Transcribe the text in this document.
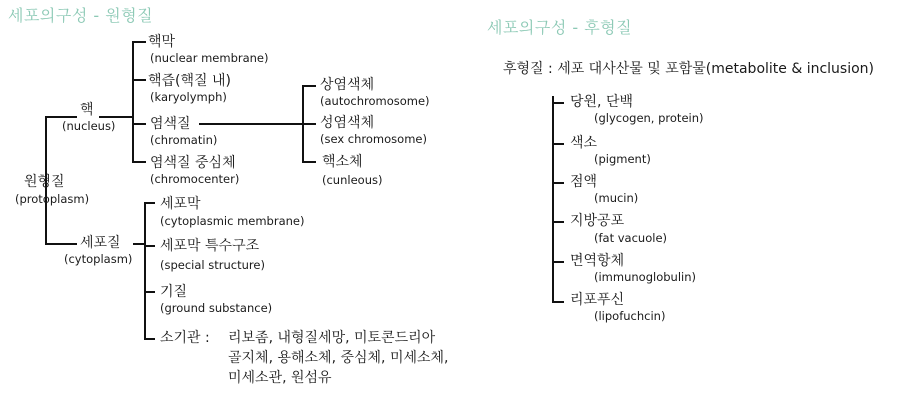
세포의구성 - 원형질
원형질
(protoplasm)
핵
(nucleus)
핵막
(nuclear membrane)
핵즙(핵질 내)
(karyolymph)
염색질
(chromatin)
염색질 중심체
(chromocenter)
상염색체
(autochromosome)
성염색체
(sex chromosome)
핵소체
(cunleous)
세포질
(cytoplasm)
세포막
(cytoplasmic membrane)
세포막 특수구조
(special structure)
기질
(ground substance)
소기관 : 리보좀, 내형질세망, 미토콘드리아
골지체, 용해소체, 중심체, 미세소체,
미세소관, 원섬유
세포의구성 - 후형질
후형질 : 세포 대사산물 및 포함물(metabolite & inclusion)
당원, 단백
(glycogen, protein)
색소
(pigment)
점액
(mucin)
지방공포
(fat vacuole)
면역항체
(immunoglobulin)
리포푸신
(lipofuchcin)
